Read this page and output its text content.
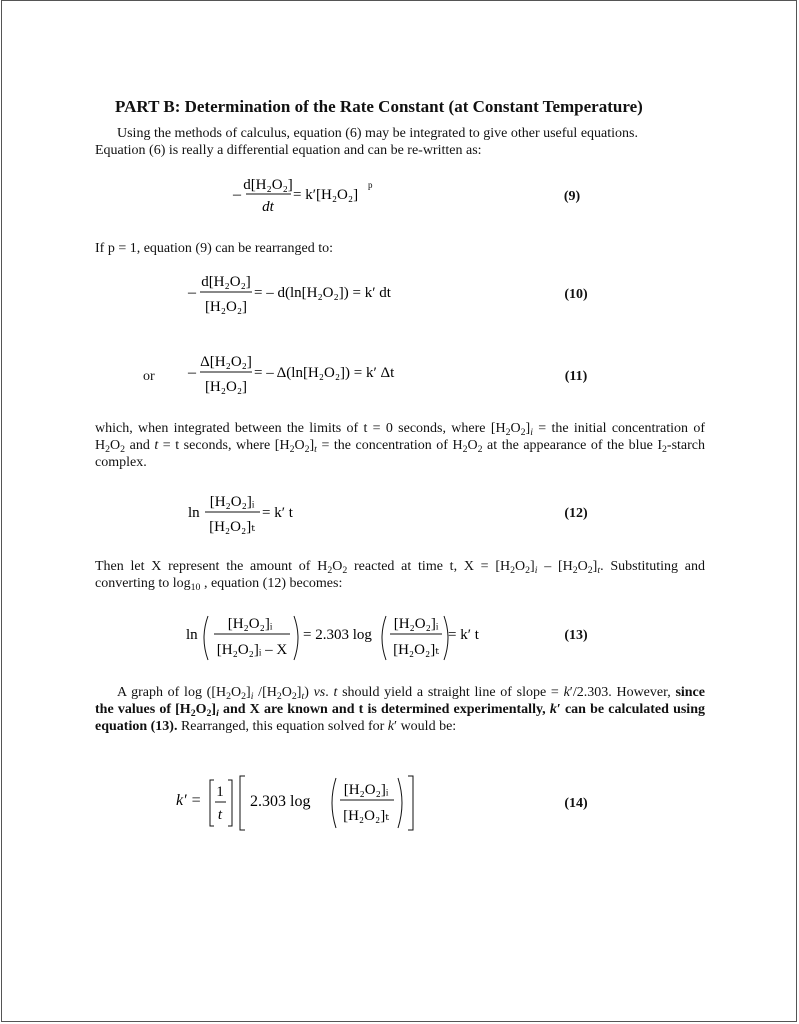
PART B: Determination of the Rate Constant (at Constant Temperature)
Using the methods of calculus, equation (6) may be integrated to give other useful equations.
Equation (6) is really a differential equation and can be re-written as:
–
d[H₂O₂]
dt
= k′[H₂O₂]
p
(9)
If p = 1, equation (9) can be rearranged to:
–
d[H₂O₂]
[H₂O₂]
= – d(ln[H₂O₂]) = k′ dt	(10)
or –
Δ[H₂O₂]
[H₂O₂]
= – Δ(ln[H₂O₂]) = k′ Δt	(11)
which, when integrated between the limits of t = 0 seconds, where $[H_2O_2]_i$ = the initial concentration of $H_2O_2$ and t = t seconds, where $[H_2O_2]_t$ = the concentration of $H_2O_2$ at the appearance of the blue $I_2$-starch complex.
ln
[H₂O₂]ᵢ
[H₂O₂]ₜ
= k′ t	(12)
Then let X represent the amount of $H_2O_2$ reacted at time t, $X = [H_2O_2]_i - [H_2O_2]_t$. Substituting and converting to $\log_{10}$ , equation (12) becomes:
ln
[H₂O₂]ᵢ
[H₂O₂]ᵢ – X
= 2.303 log
[H₂O₂]ᵢ
[H₂O₂]ₜ
= k′ t	(13)
A graph of $\log ([H_2O_2]_i$ $/[H_2O_2]_t$) vs. t should yield a straight line of slope = k′/2.303. However, since the values of $[H_2O_2]_i$ and X are known and t is determined experimentally, k′ can be calculated using equation (13). Rearranged, this equation solved for k′ would be:
k′ = 1
t
2.303 log
[H₂O₂]ᵢ
[H₂O₂]ₜ
(14)
